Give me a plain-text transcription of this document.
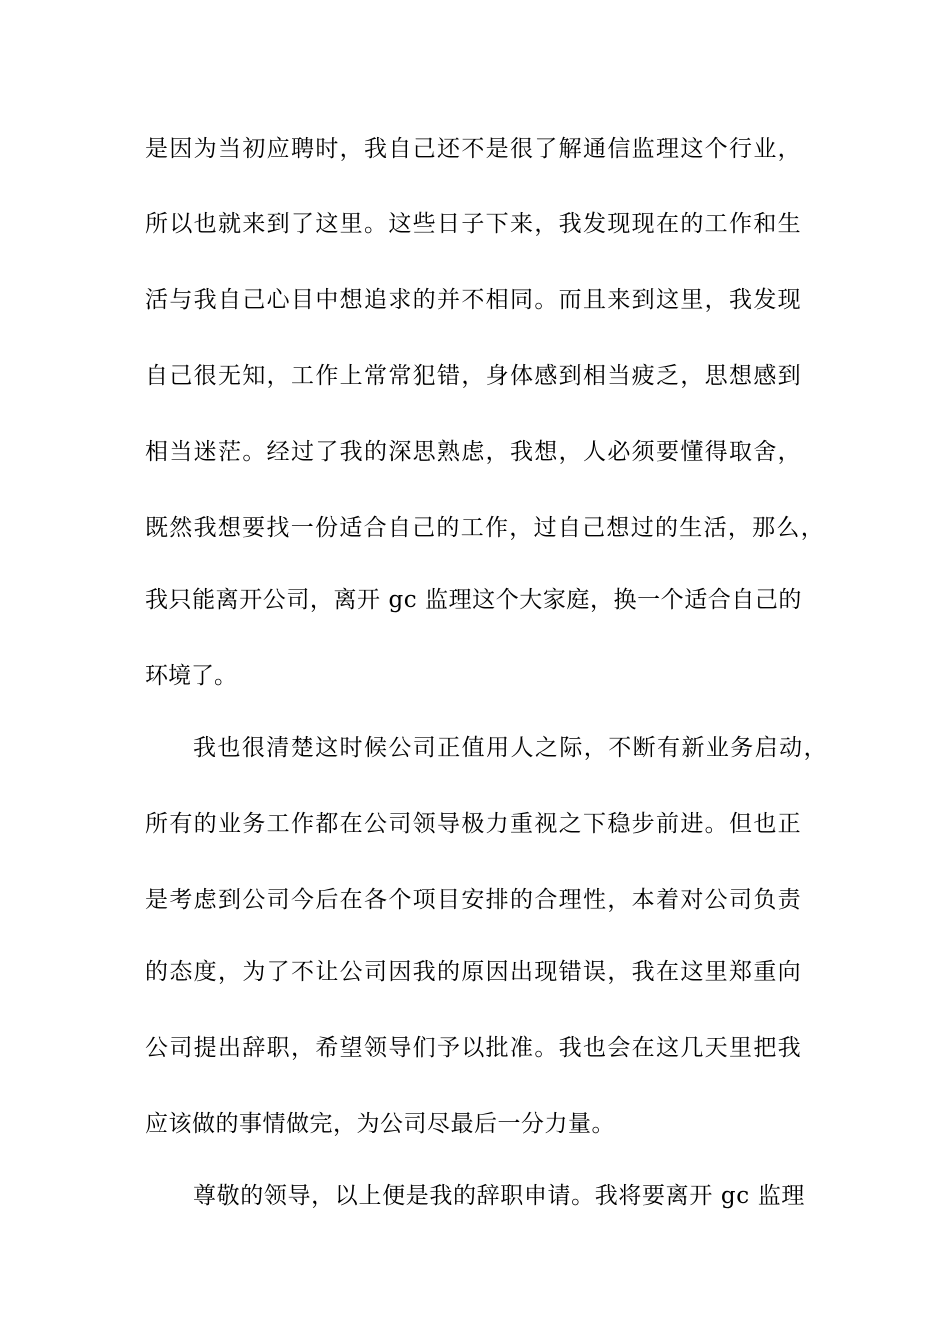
是因为当初应聘时，我自己还不是很了解通信监理这个行业，
所以也就来到了这里。这些日子下来，我发现现在的工作和生
活与我自己心目中想追求的并不相同。而且来到这里，我发现
自己很无知，工作上常常犯错，身体感到相当疲乏，思想感到
相当迷茫。经过了我的深思熟虑，我想，人必须要懂得取舍，
既然我想要找一份适合自己的工作，过自己想过的生活，那么，
我只能离开公司，离开 gc 监理这个大家庭，换一个适合自己的
环境了。
我也很清楚这时候公司正值用人之际，不断有新业务启动，
所有的业务工作都在公司领导极力重视之下稳步前进。但也正
是考虑到公司今后在各个项目安排的合理性，本着对公司负责
的态度，为了不让公司因我的原因出现错误，我在这里郑重向
公司提出辞职，希望领导们予以批准。我也会在这几天里把我
应该做的事情做完，为公司尽最后一分力量。
尊敬的领导，以上便是我的辞职申请。我将要离开 gc 监理
